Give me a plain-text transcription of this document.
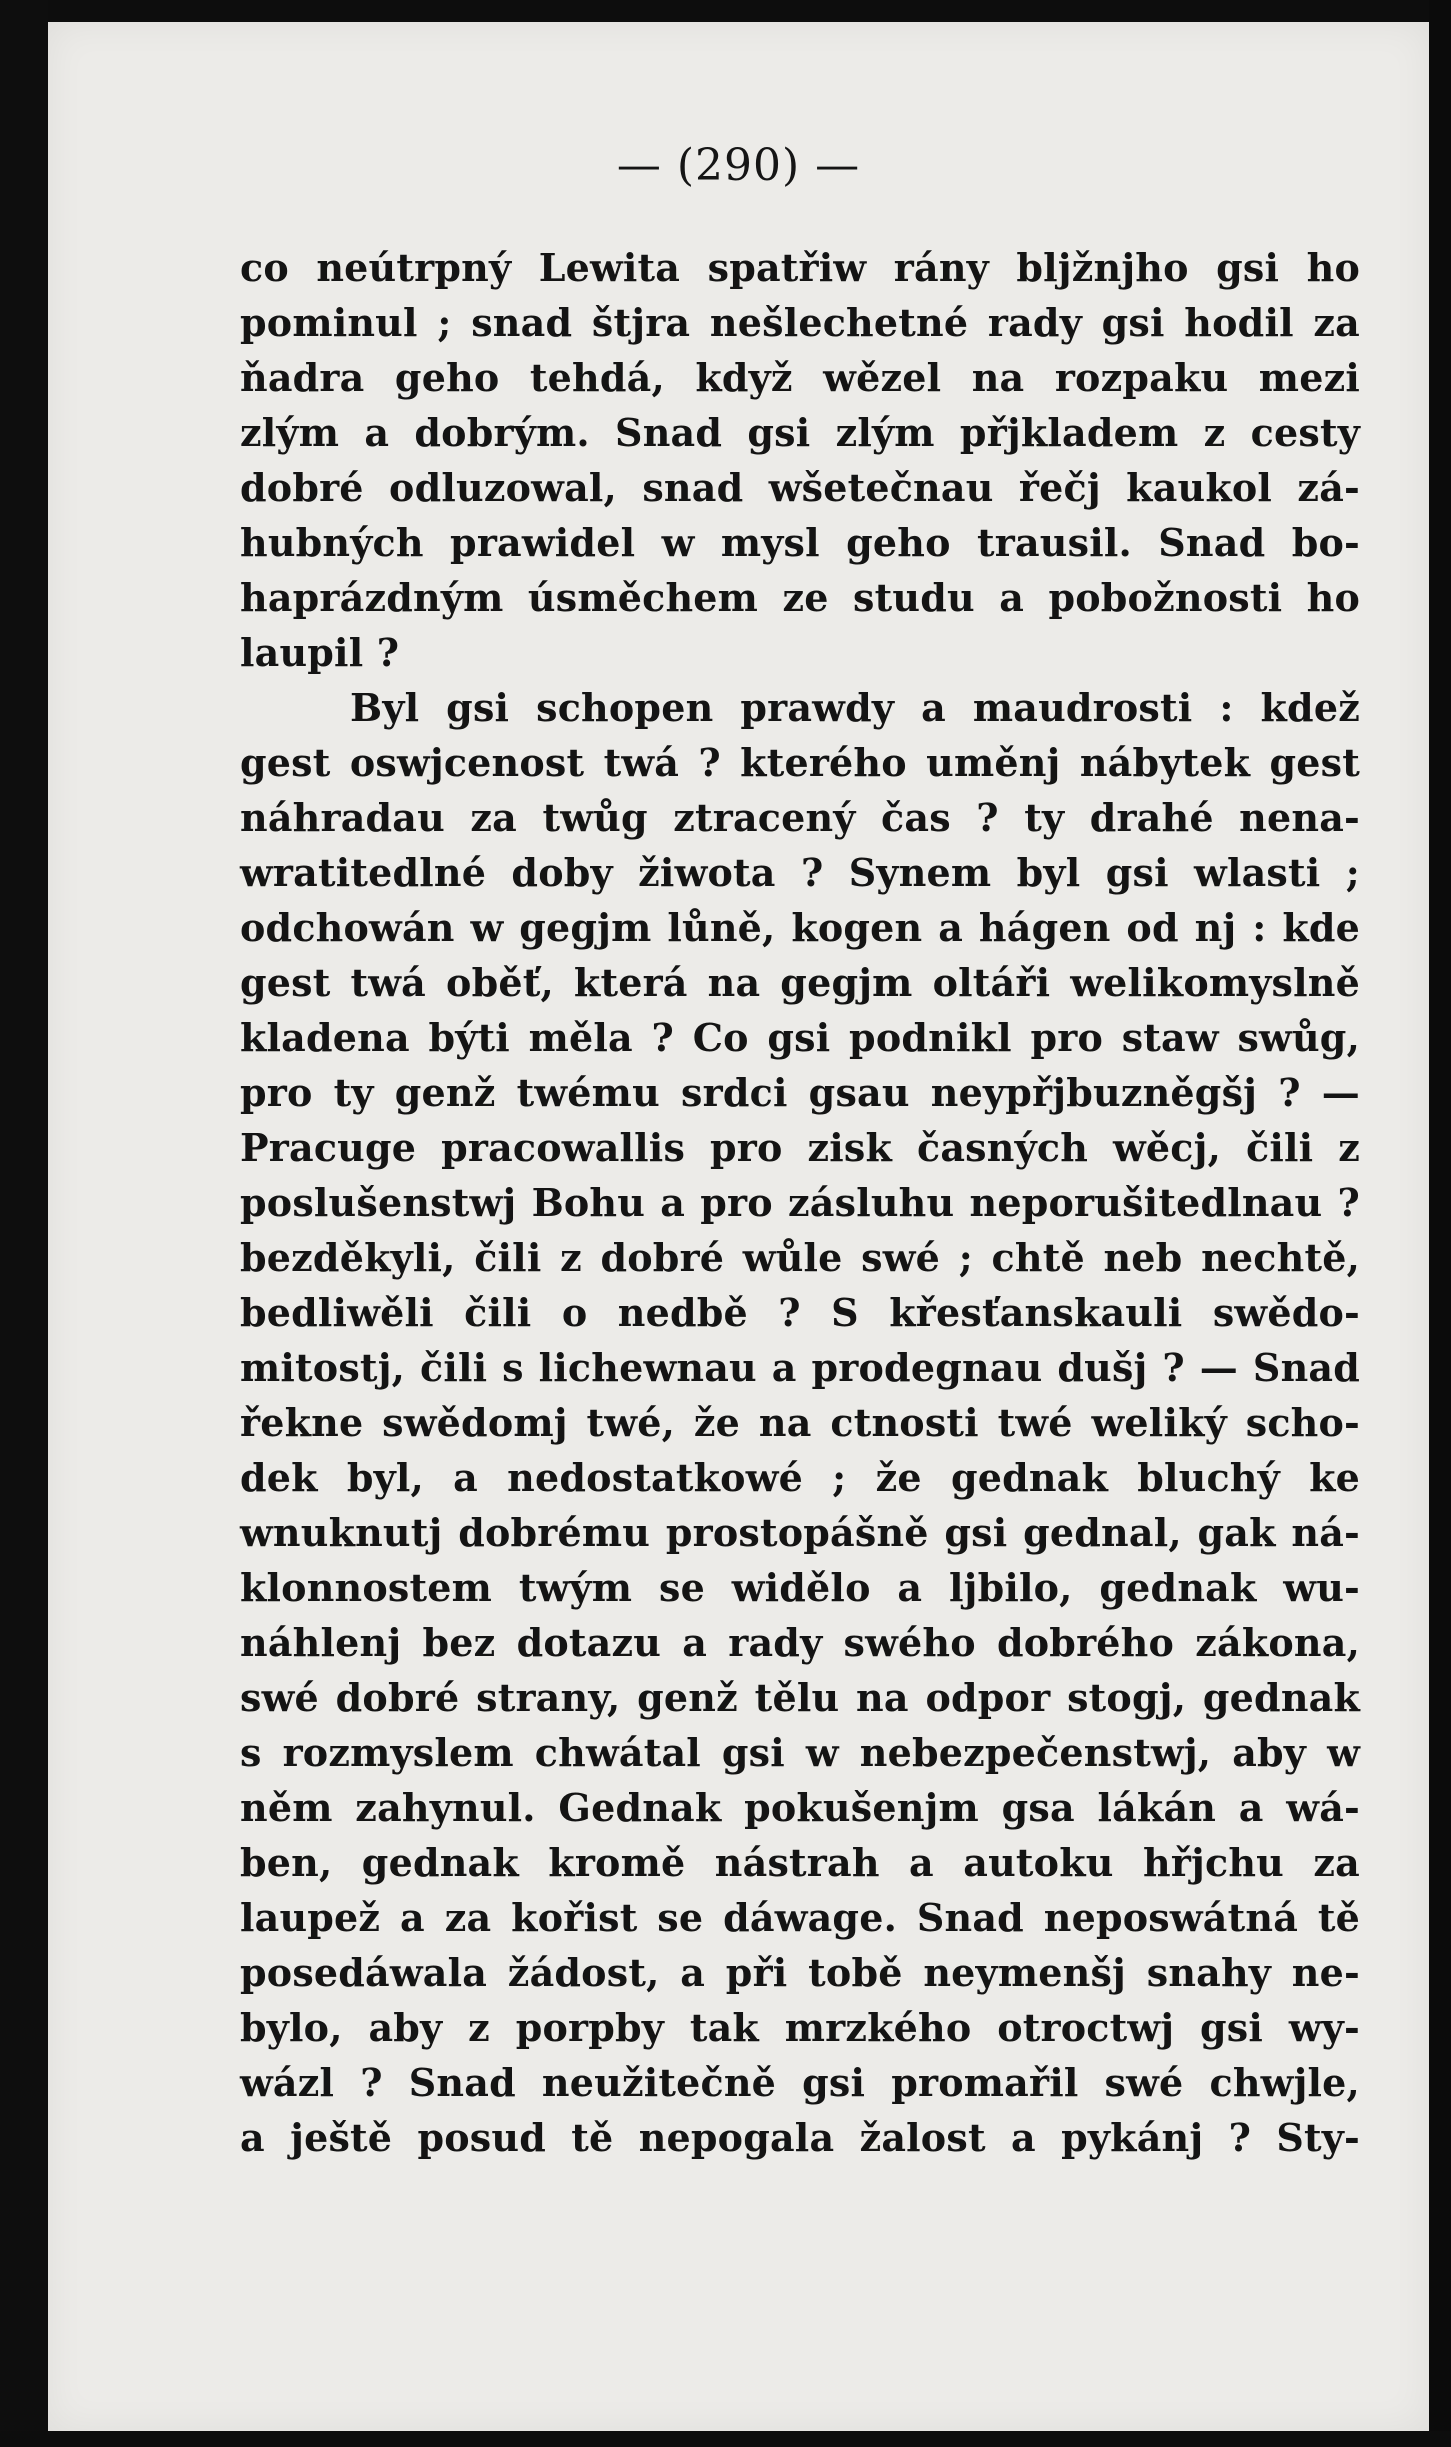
— (290) —
co neútrpný Lewita spatřiw rány bljžnjho gsi ho
pominul ; snad štjra nešlechetné rady gsi hodil za
ňadra geho tehdá, když wězel na rozpaku mezi
zlým a dobrým. Snad gsi zlým přjkladem z cesty
dobré odluzowal, snad wšetečnau řečj kaukol zá-
hubných prawidel w mysl geho trausil. Snad bo-
haprázdným úsměchem ze studu a pobožnosti ho
laupil ?
Byl gsi schopen prawdy a maudrosti : kdež
gest oswjcenost twá ? kterého uměnj nábytek gest
náhradau za twůg ztracený čas ? ty drahé nena-
wratitedlné doby žiwota ? Synem byl gsi wlasti ;
odchowán w gegjm lůně, kogen a hágen od nj : kde
gest twá oběť, která na gegjm oltáři welikomyslně
kladena býti měla ? Co gsi podnikl pro staw swůg,
pro ty genž twému srdci gsau neypřjbuzněgšj ? —
Pracuge pracowallis pro zisk časných wěcj, čili z
poslušenstwj Bohu a pro zásluhu neporušitedlnau ?
bezděkyli, čili z dobré wůle swé ; chtě neb nechtě,
bedliwěli čili o nedbě ? S křesťanskauli swědo-
mitostj, čili s lichewnau a prodegnau dušj ? — Snad
řekne swědomj twé, že na ctnosti twé weliký scho-
dek byl, a nedostatkowé ; že gednak bluchý ke
wnuknutj dobrému prostopášně gsi gednal, gak ná-
klonnostem twým se widělo a ljbilo, gednak wu-
náhlenj bez dotazu a rady swého dobrého zákona,
swé dobré strany, genž tělu na odpor stogj, gednak
s rozmyslem chwátal gsi w nebezpečenstwj, aby w
něm zahynul. Gednak pokušenjm gsa lákán a wá-
ben, gednak kromě nástrah a autoku hřjchu za
laupež a za kořist se dáwage. Snad neposwátná tě
posedáwala žádost, a při tobě neymenšj snahy ne-
bylo, aby z porpby tak mrzkého otroctwj gsi wy-
wázl ? Snad neužitečně gsi promařil swé chwjle,
a ještě posud tě nepogala žalost a pykánj ? Sty-
